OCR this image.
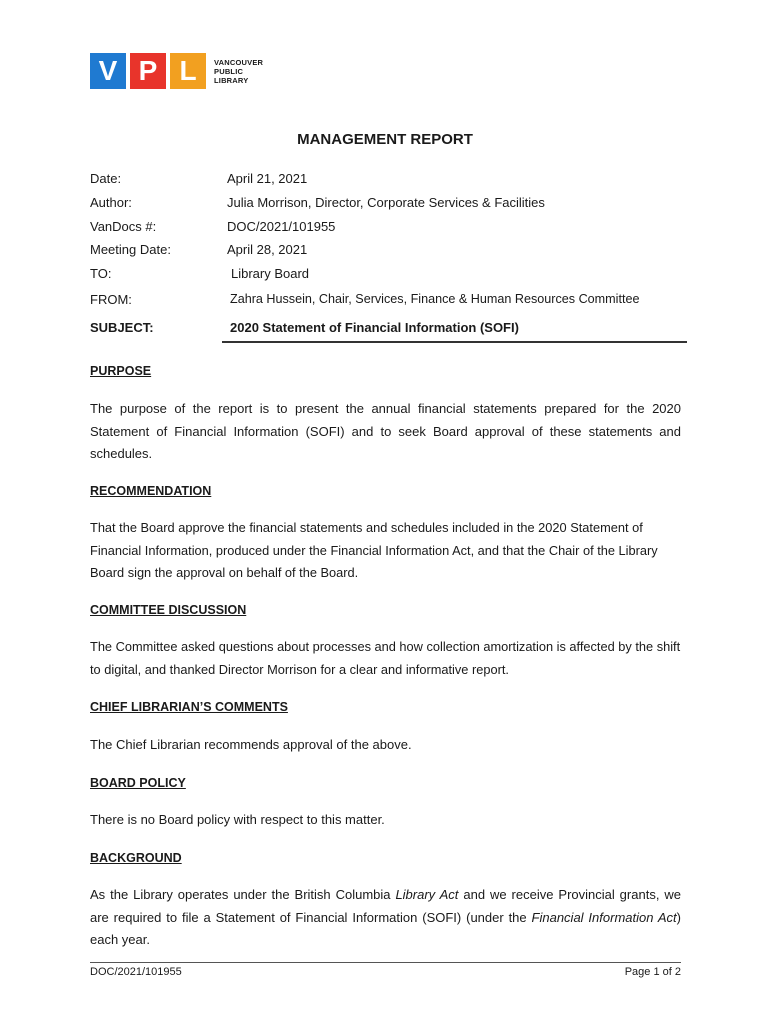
V P L	VANCOUVER
PUBLIC
LIBRARY
MANAGEMENT REPORT
Date:	April 21, 2021
Author:	Julia Morrison, Director, Corporate Services & Facilities
VanDocs #:	DOC/2021/101955
Meeting Date:	April 28, 2021
TO:	Library Board
FROM:	Zahra Hussein, Chair, Services, Finance & Human Resources Committee
SUBJECT:	2020 Statement of Financial Information (SOFI)
PURPOSE
The purpose of the report is to present the annual financial statements prepared for the 2020 Statement of Financial Information (SOFI) and to seek Board approval of these statements and schedules.
RECOMMENDATION
That the Board approve the financial statements and schedules included in the 2020 Statement of Financial Information, produced under the Financial Information Act, and that the Chair of the Library Board sign the approval on behalf of the Board.
COMMITTEE DISCUSSION
The Committee asked questions about processes and how collection amortization is affected by the shift to digital, and thanked Director Morrison for a clear and informative report.
CHIEF LIBRARIAN’S COMMENTS
The Chief Librarian recommends approval of the above.
BOARD POLICY
There is no Board policy with respect to this matter.
BACKGROUND
As the Library operates under the British Columbia Library Act and we receive Provincial grants, we are required to file a Statement of Financial Information (SOFI) (under the Financial Information Act) each year.
DOC/2021/101955	Page 1 of 2
